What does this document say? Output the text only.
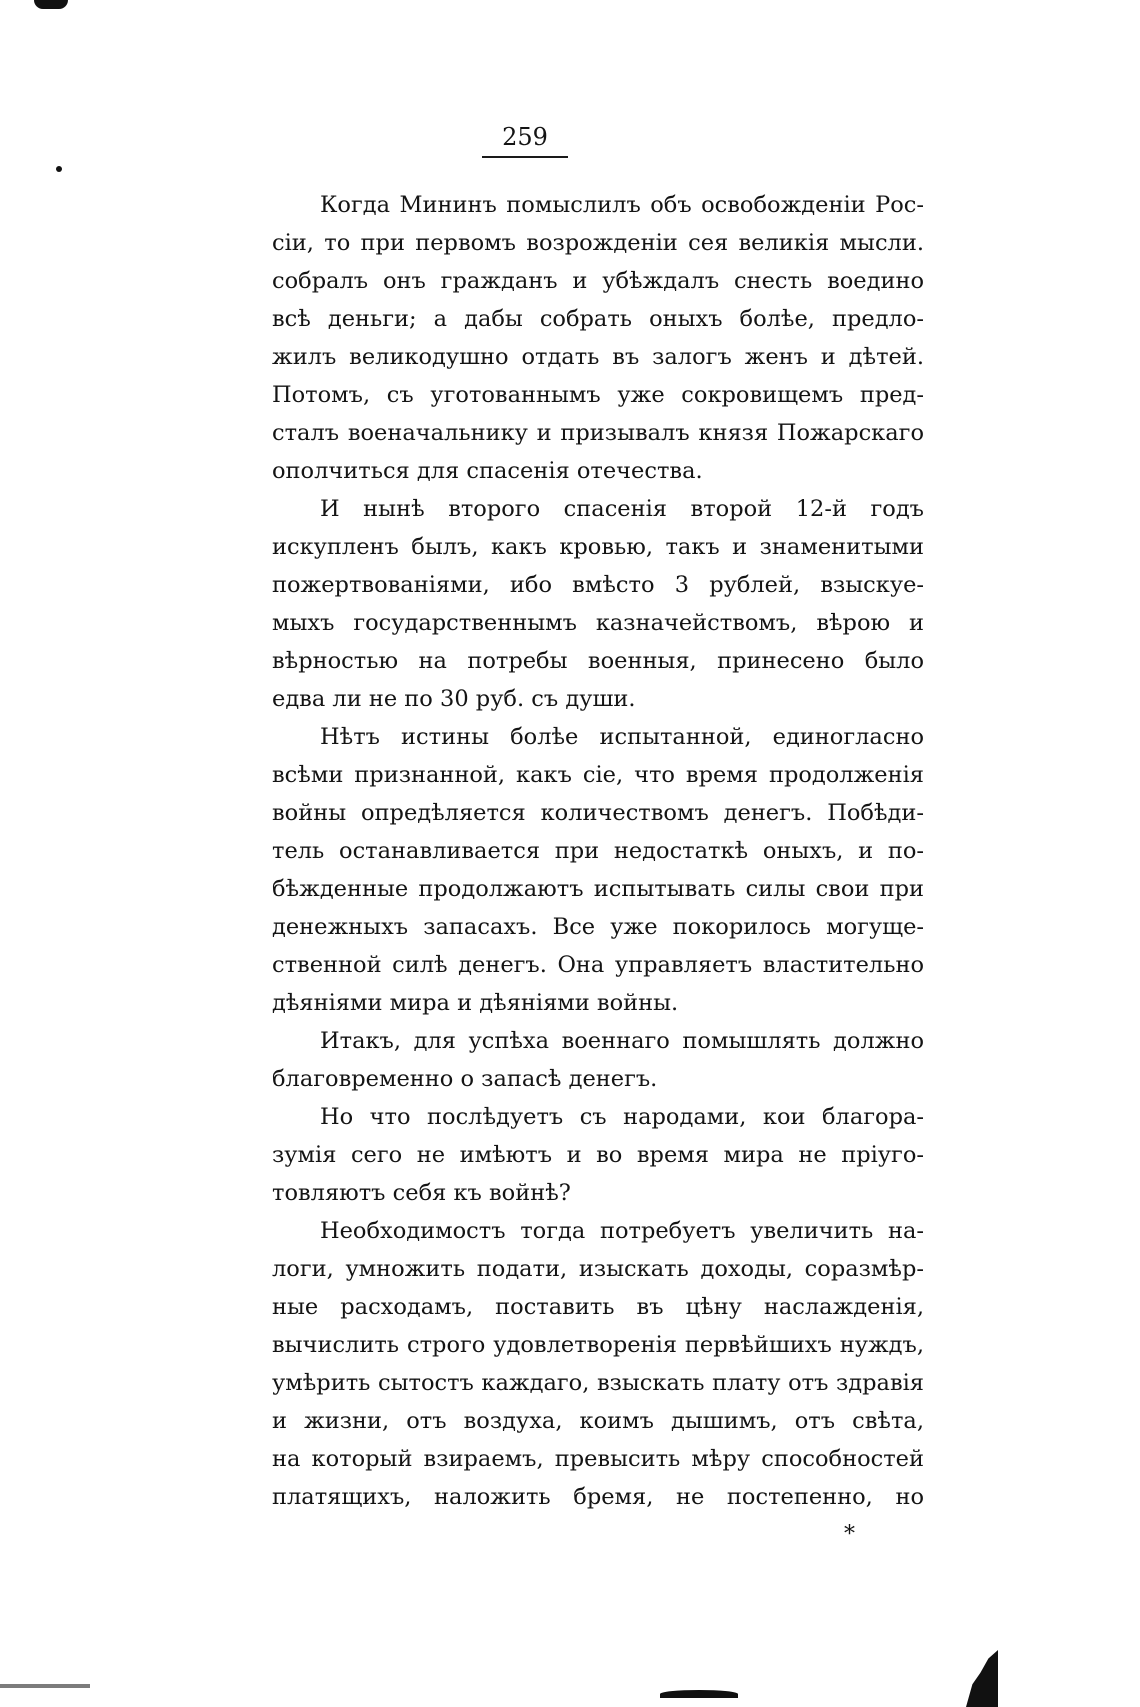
259
Когда Мининъ помыслилъ объ освобожденiи Рос-
сiи, то при первомъ возрожденiи сея великiя мысли.
собралъ онъ гражданъ и убѣждалъ снесть воедино
всѣ деньги; а дабы собрать оныхъ болѣе, предло-
жилъ великодушно отдать въ залогъ женъ и дѣтей.
Потомъ, съ уготованнымъ уже сокровищемъ пред-
сталъ военачальнику и призывалъ князя Пожарскаго
ополчиться для спасенiя отечества.
И нынѣ второго спасенiя второй 12-й годъ
искупленъ былъ, какъ кровью, такъ и знаменитыми
пожертвованiями, ибо вмѣсто 3 рублей, взыскуе-
мыхъ государственнымъ казначействомъ, вѣрою и
вѣрностью на потребы военныя, принесено было
едва ли не по 30 руб. съ души.
Нѣтъ истины болѣе испытанной, единогласно
всѣми признанной, какъ сiе, что время продолженiя
войны опредѣляется количествомъ денегъ. Побѣди-
тель останавливается при недостаткѣ оныхъ, и по-
бѣжденные продолжаютъ испытывать силы свои при
денежныхъ запасахъ. Все уже покорилось могуще-
ственной силѣ денегъ. Она управляетъ властительно
дѣянiями мира и дѣянiями войны.
Итакъ, для успѣха военнаго помышлять должно
благовременно о запасѣ денегъ.
Но что послѣдуетъ съ народами, кои благора-
зумiя сего не имѣютъ и во время мира не прiуго-
товляютъ себя къ войнѣ?
Необходимостъ тогда потребуетъ увеличить на-
логи, умножить подати, изыскать доходы, соразмѣр-
ные расходамъ, поставить въ цѣну наслажденiя,
вычислить строго удовлетворенiя первѣйшихъ нуждъ,
умѣрить сытостъ каждаго, взыскать плату отъ здравiя
и жизни, отъ воздуха, коимъ дышимъ, отъ свѣта,
на который взираемъ, превысить мѣру способностей
платящихъ, наложить бремя, не постепенно, но
*
